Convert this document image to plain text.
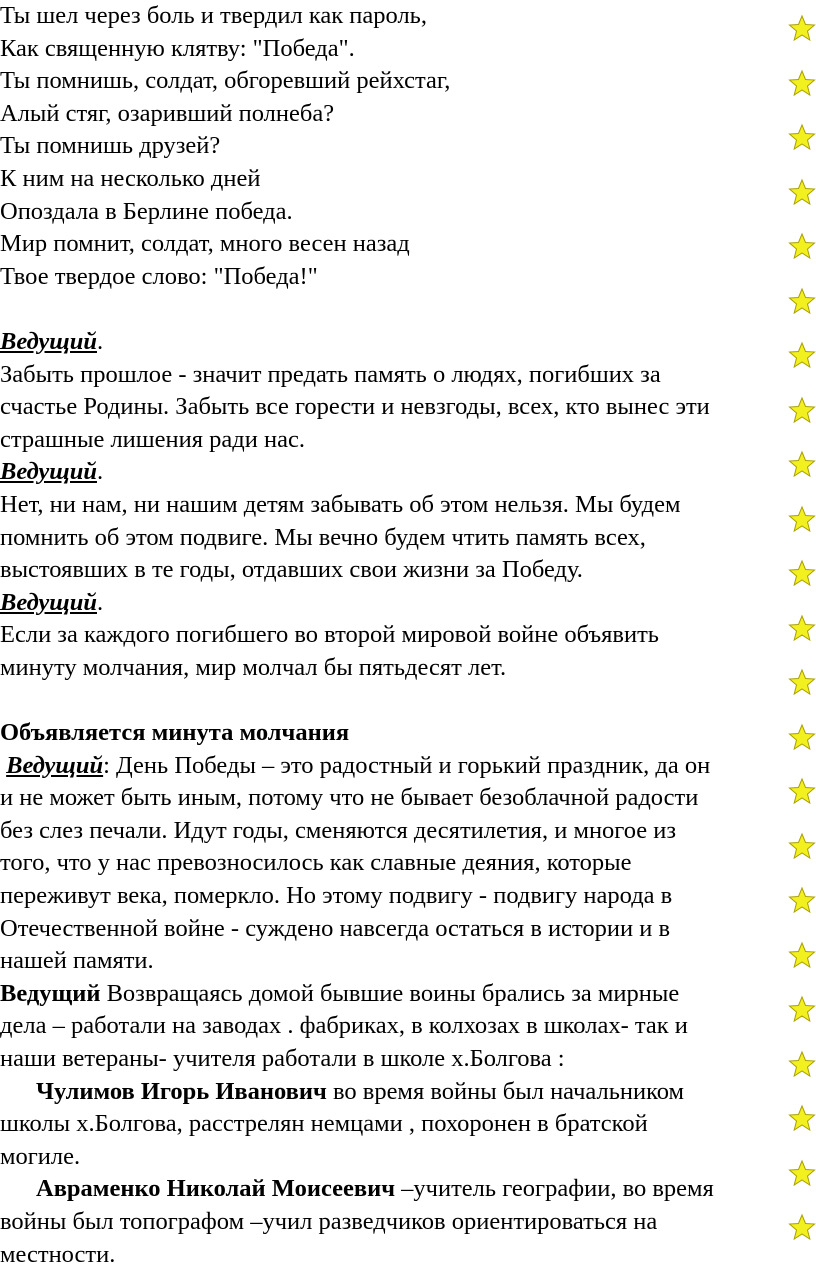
Ты шел через боль и твердил как пароль,
Как священную клятву: "Победа".
Ты помнишь, солдат, обгоревший рейхстаг,
Алый стяг, озаривший полнеба?
Ты помнишь друзей?
К ним на несколько дней
Опоздала в Берлине победа.
Мир помнит, солдат, много весен назад
Твое твердое слово: "Победа!"
Ведущий.
Забыть прошлое - значит предать память о людях, погибших за
счастье Родины. Забыть все горести и невзгоды, всех, кто вынес эти
страшные лишения ради нас.
Ведущий.
Нет, ни нам, ни нашим детям забывать об этом нельзя. Мы будем
помнить об этом подвиге. Мы вечно будем чтить память всех,
выстоявших в те годы, отдавших свои жизни за Победу.
Ведущий.
Если за каждого погибшего во второй мировой войне объявить
минуту молчания, мир молчал бы пятьдесят лет.
Объявляется минута молчания
Ведущий: День Победы – это радостный и горький праздник, да он
и не может быть иным, потому что не бывает безоблачной радости
без слез печали. Идут годы, сменяются десятилетия, и многое из
того, что у нас превозносилось как славные деяния, которые
переживут века, померкло. Но этому подвигу - подвигу народа в
Отечественной войне - суждено навсегда остаться в истории и в
нашей памяти.
Ведущий Возвращаясь домой бывшие воины брались за мирные
дела – работали на заводах . фабриках, в колхозах в школах- так и
наши ветераны- учителя работали в школе х.Болгова :
Чулимов Игорь Иванович во время войны был начальником
школы х.Болгова, расстрелян немцами , похоронен в братской
могиле.
Авраменко Николай Моисеевич –учитель географии, во время
войны был топографом –учил разведчиков ориентироваться на
местности.
